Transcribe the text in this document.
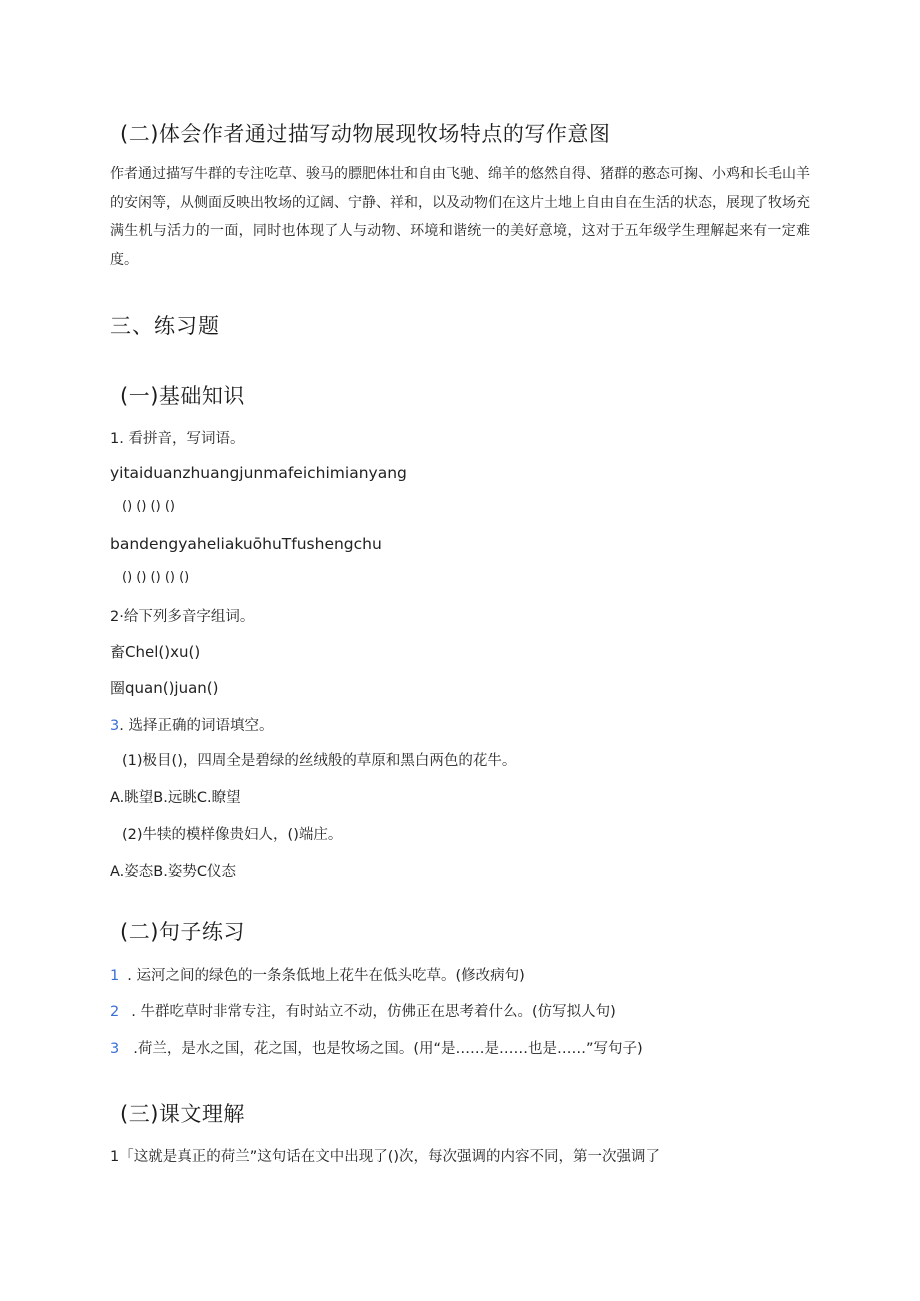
(二)体会作者通过描写动物展现牧场特点的写作意图
作者通过描写牛群的专注吃草、骏马的膘肥体壮和自由飞驰、绵羊的悠然自得、猪群的憨态可掬、小鸡和长毛山羊的安闲等，从侧面反映出牧场的辽阔、宁静、祥和，以及动物们在这片土地上自由自在生活的状态，展现了牧场充满生机与活力的一面，同时也体现了人与动物、环境和谐统一的美好意境，这对于五年级学生理解起来有一定难度。
三、练习题
(一)基础知识
1. 看拼音，写词语。
yitaiduanzhuangjunmafeichimianyang
() () () ()
bandengyaheliakuōhuTfushengchu
() () () () ()
2·给下列多音字组词。
畜Chel()xu()
圈quan()juan()
3. 选择正确的词语填空。
(1)极目()，四周全是碧绿的丝绒般的草原和黑白两色的花牛。
A.眺望B.远眺C.瞭望
(2)牛犊的模样像贵妇人，()端庄。
A.姿态B.姿势C仪态
(二)句子练习
1 . 运河之间的绿色的一条条低地上花牛在低头吃草。(修改病句)
2 . 牛群吃草时非常专注，有时站立不动，仿佛正在思考着什么。(仿写拟人句)
3 .荷兰，是水之国，花之国，也是牧场之国。(用“是……是……也是……”写句子)
(三)课文理解
1「这就是真正的荷兰”这句话在文中出现了()次，每次强调的内容不同，第一次强调了
